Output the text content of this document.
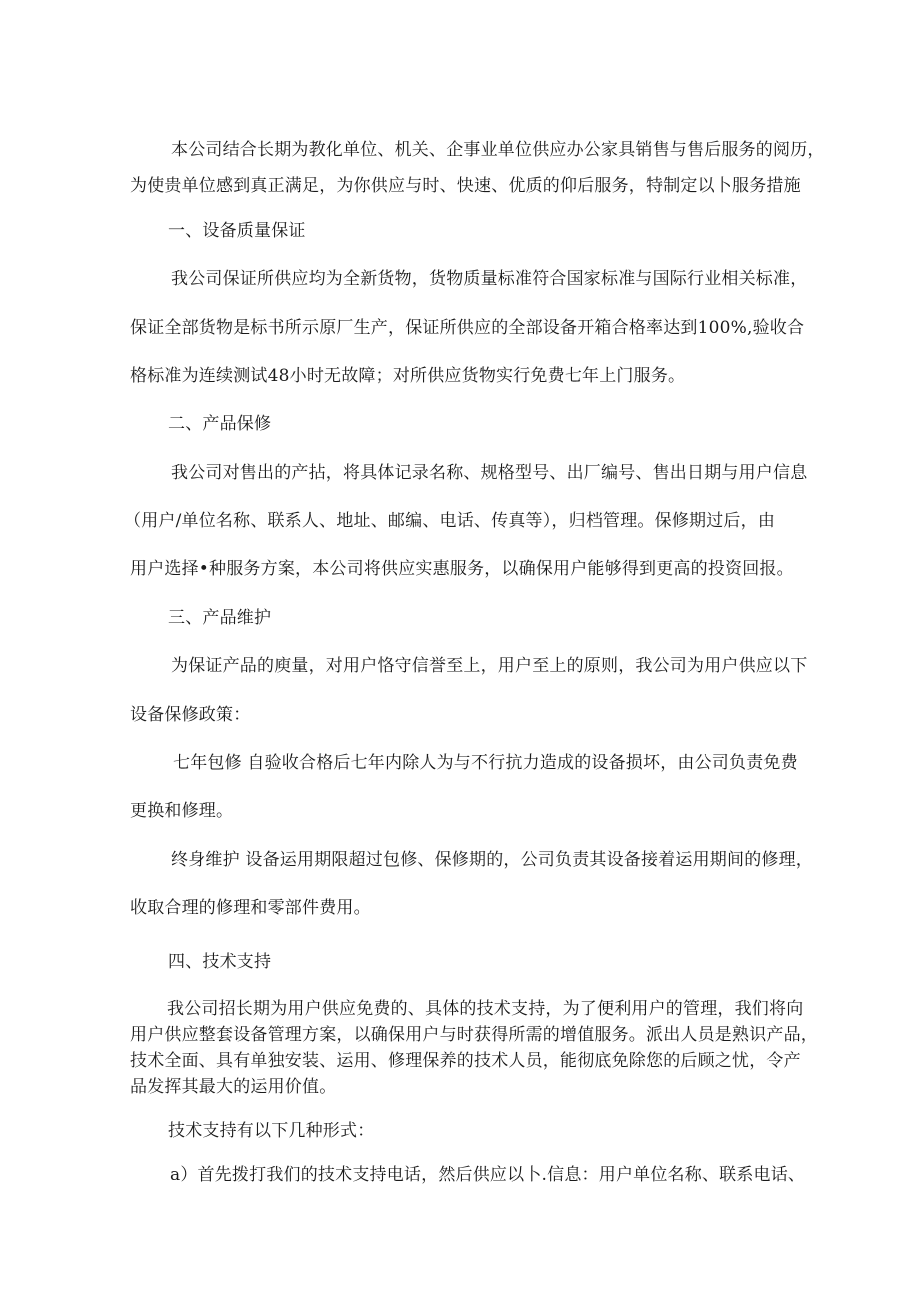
本公司结合长期为教化单位、机关、企事业单位供应办公家具销售与售后服务的阅历，
为使贵单位感到真正满足，为你供应与时、快速、优质的仰后服务，特制定以卜服务措施
一、设备质量保证
我公司保证所供应均为全新货物，货物质量标准符合国家标准与国际行业相关标准，
保证全部货物是标书所示原厂生产，保证所供应的全部设备开箱合格率达到100%,验收合
格标准为连续测试48小时无故障；对所供应货物实行免费七年上门服务。
二、产品保修
我公司对售出的产拈，将具体记录名称、规格型号、出厂编号、售出日期与用户信息
（用户/单位名称、联系人、地址、邮编、电话、传真等），归档管理。保修期过后，由
用户选择•种服务方案，本公司将供应实惠服务，以确保用户能够得到更高的投资回报。
三、产品维护
为保证产品的庾量，对用户恪守信誉至上，用户至上的原则，我公司为用户供应以下
设备保修政策：
七年包修 自验收合格后七年内除人为与不行抗力造成的设备损坏，由公司负责免费
更换和修理。
终身维护 设备运用期限超过包修、保修期的，公司负责其设备接着运用期间的修理，
收取合理的修理和零部件费用。
四、技术支持
我公司招长期为用户供应免费的、具体的技术支持，为了便利用户的管理，我们将向
用户供应整套设备管理方案，以确保用户与时获得所需的增值服务。派出人员是熟识产品，
技术全面、具有单独安装、运用、修理保养的技术人员，能彻底免除您的后顾之忧，令产
品发挥其最大的运用价值。
技术支持有以下几种形式：
a）首先拨打我们的技术支持电话，然后供应以卜.信息：用户单位名称、联系电话、
